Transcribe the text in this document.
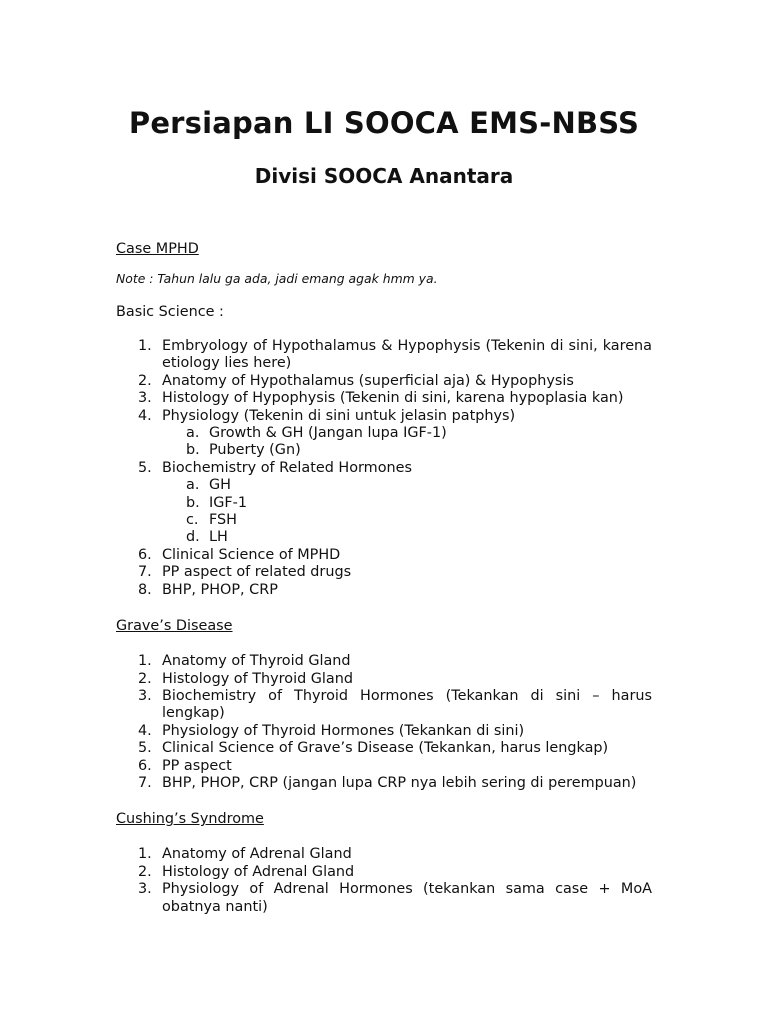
Persiapan LI SOOCA EMS-NBSS
Divisi SOOCA Anantara
Case MPHD
Note : Tahun lalu ga ada, jadi emang agak hmm ya.
Basic Science :
1. Embryology of Hypothalamus & Hypophysis (Tekenin di sini, karena etiology lies here)
2. Anatomy of Hypothalamus (superficial aja) & Hypophysis
3. Histology of Hypophysis (Tekenin di sini, karena hypoplasia kan)
4. Physiology (Tekenin di sini untuk jelasin patphys)
a. Growth & GH (Jangan lupa IGF-1)
b. Puberty (Gn)
5. Biochemistry of Related Hormones
a. GH
b. IGF-1
c. FSH
d. LH
6. Clinical Science of MPHD
7. PP aspect of related drugs
8. BHP, PHOP, CRP
Grave’s Disease
1. Anatomy of Thyroid Gland
2. Histology of Thyroid Gland
3. Biochemistry of Thyroid Hormones (Tekankan di sini – harus lengkap)
4. Physiology of Thyroid Hormones (Tekankan di sini)
5. Clinical Science of Grave’s Disease (Tekankan, harus lengkap)
6. PP aspect
7. BHP, PHOP, CRP (jangan lupa CRP nya lebih sering di perempuan)
Cushing’s Syndrome
1. Anatomy of Adrenal Gland
2. Histology of Adrenal Gland
3. Physiology of Adrenal Hormones (tekankan sama case + MoA obatnya nanti)
